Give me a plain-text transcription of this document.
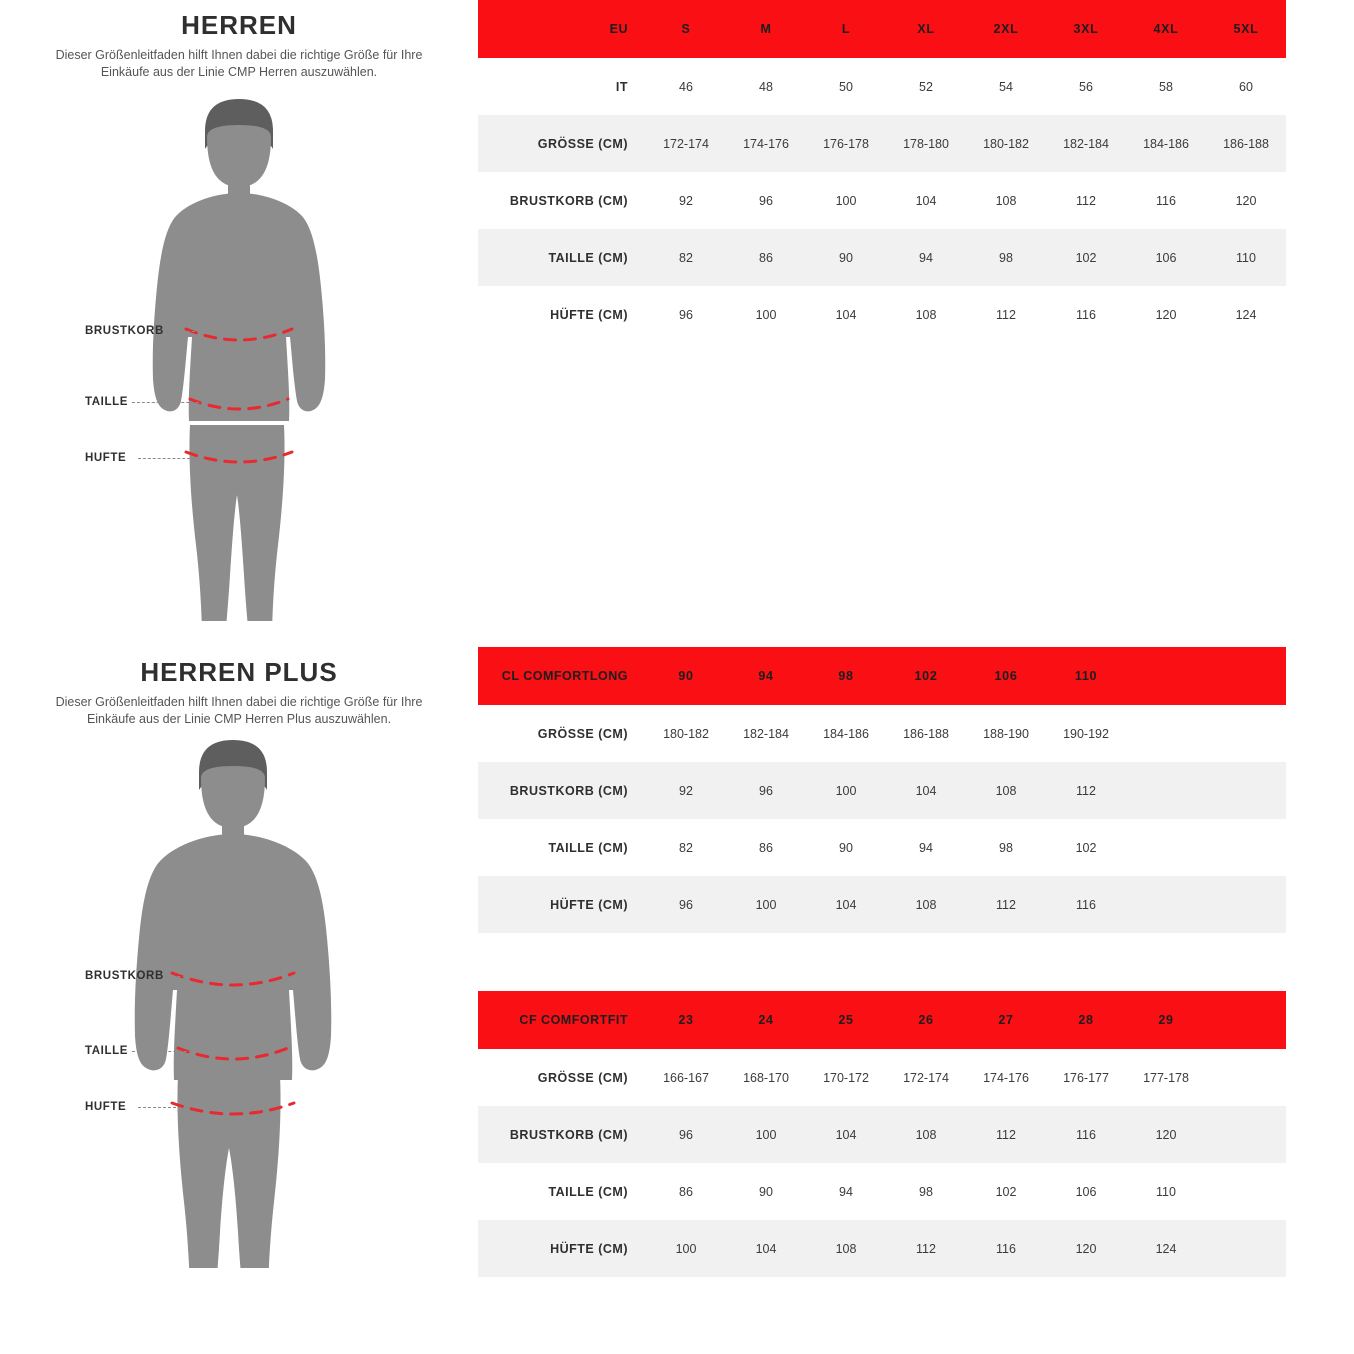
HERREN
Dieser Größenleitfaden hilft Ihnen dabei die richtige Größe für Ihre Einkäufe aus der Linie CMP Herren auszuwählen.
BRUSTKORB
TAILLE
HUFTE
EU	S	M	L	XL	2XL	3XL	4XL	5XL
IT	46	48	50	52	54	56	58	60
GRÖSSE (CM)	172-174	174-176	176-178	178-180	180-182	182-184	184-186	186-188
BRUSTKORB (CM)	92	96	100	104	108	112	116	120
TAILLE (CM)	82	86	90	94	98	102	106	110
HÜFTE (CM)	96	100	104	108	112	116	120	124
HERREN PLUS
Dieser Größenleitfaden hilft Ihnen dabei die richtige Größe für Ihre Einkäufe aus der Linie CMP Herren Plus auszuwählen.
BRUSTKORB
TAILLE
HUFTE
CL COMFORTLONG	90	94	98	102	106	110		
GRÖSSE (CM)	180-182	182-184	184-186	186-188	188-190	190-192		
BRUSTKORB (CM)	92	96	100	104	108	112		
TAILLE (CM)	82	86	90	94	98	102		
HÜFTE (CM)	96	100	104	108	112	116		
CF COMFORTFIT	23	24	25	26	27	28	29	
GRÖSSE (CM)	166-167	168-170	170-172	172-174	174-176	176-177	177-178	
BRUSTKORB (CM)	96	100	104	108	112	116	120	
TAILLE (CM)	86	90	94	98	102	106	110	
HÜFTE (CM)	100	104	108	112	116	120	124	
